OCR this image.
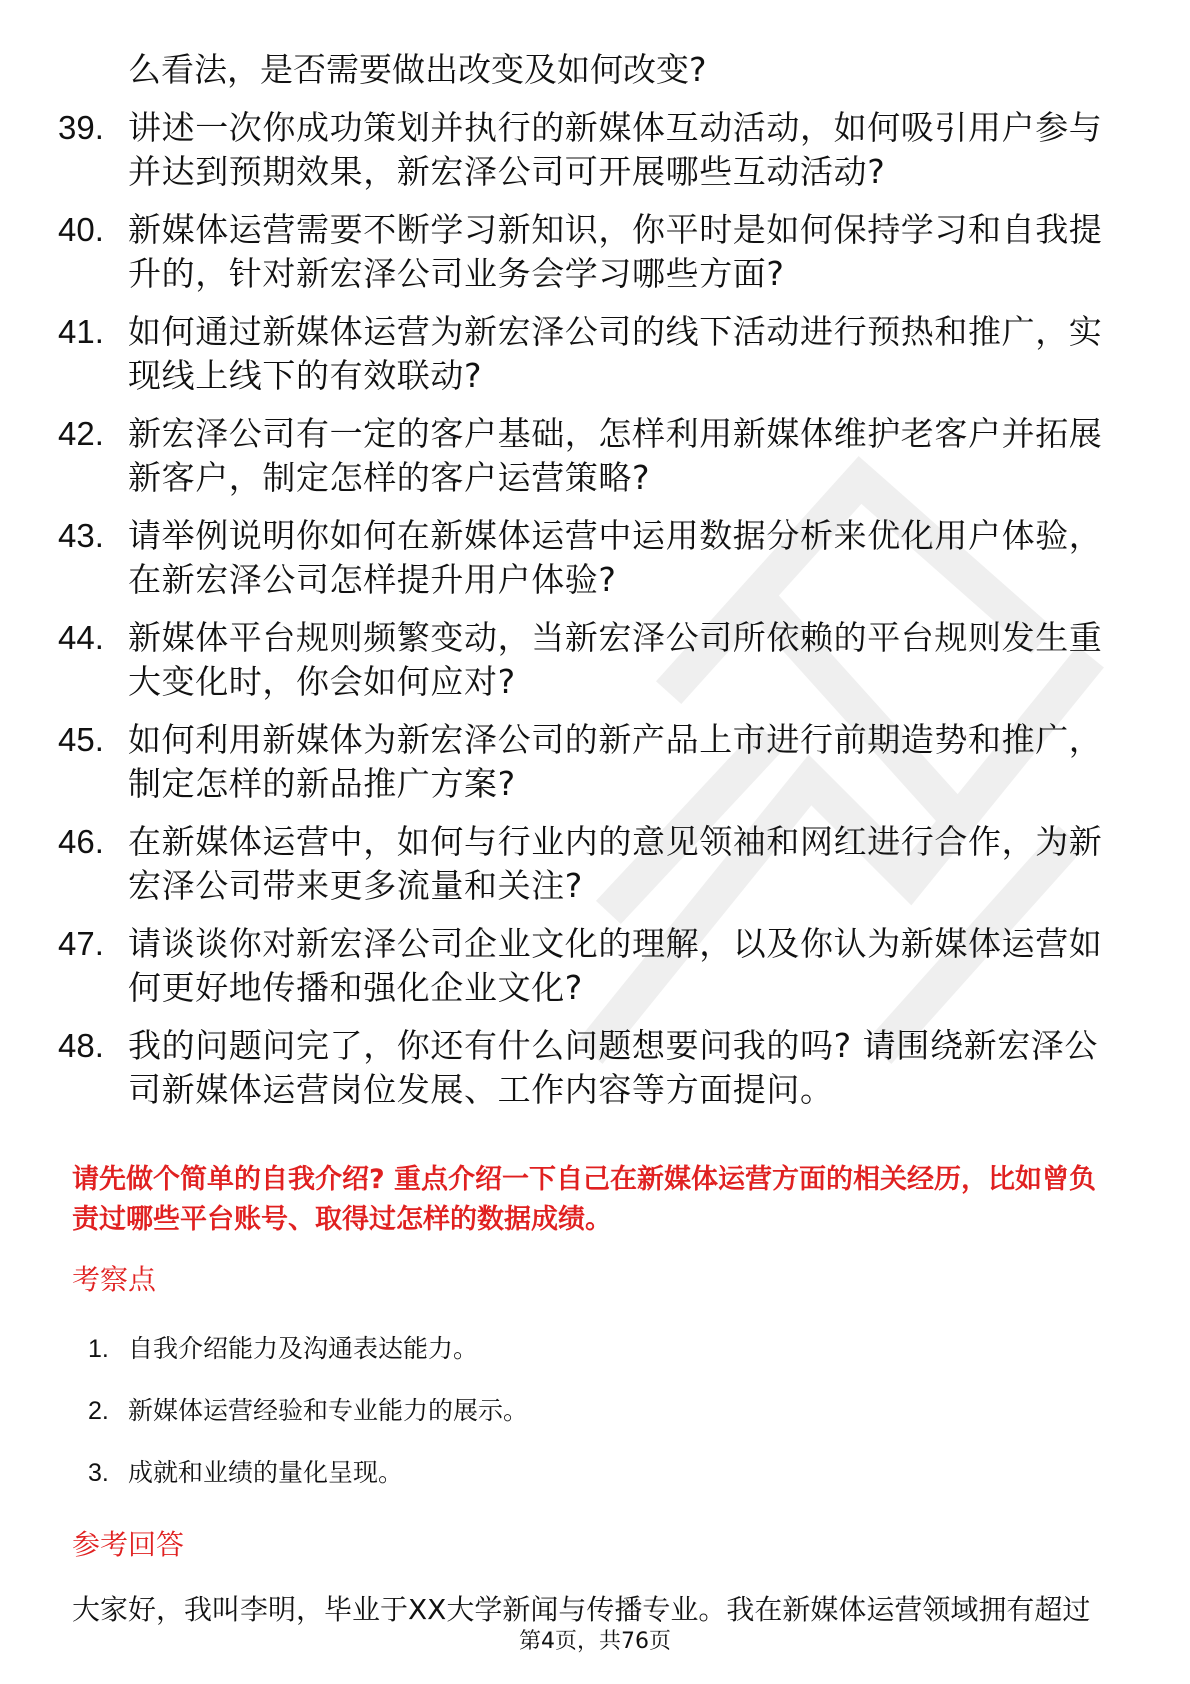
么看法，是否需要做出改变及如何改变?
39. 讲述一次你成功策划并执行的新媒体互动活动，如何吸引用户参与并达到预期效果，新宏泽公司可开展哪些互动活动?
40. 新媒体运营需要不断学习新知识，你平时是如何保持学习和自我提升的，针对新宏泽公司业务会学习哪些方面?
41. 如何通过新媒体运营为新宏泽公司的线下活动进行预热和推广，实现线上线下的有效联动?
42. 新宏泽公司有一定的客户基础，怎样利用新媒体维护老客户并拓展新客户，制定怎样的客户运营策略?
43. 请举例说明你如何在新媒体运营中运用数据分析来优化用户体验，在新宏泽公司怎样提升用户体验?
44. 新媒体平台规则频繁变动，当新宏泽公司所依赖的平台规则发生重大变化时，你会如何应对?
45. 如何利用新媒体为新宏泽公司的新产品上市进行前期造势和推广，制定怎样的新品推广方案?
46. 在新媒体运营中，如何与行业内的意见领袖和网红进行合作，为新宏泽公司带来更多流量和关注?
47. 请谈谈你对新宏泽公司企业文化的理解，以及你认为新媒体运营如何更好地传播和强化企业文化?
48. 我的问题问完了，你还有什么问题想要问我的吗? 请围绕新宏泽公司新媒体运营岗位发展、工作内容等方面提问。
请先做个简单的自我介绍? 重点介绍一下自己在新媒体运营方面的相关经历，比如曾负责过哪些平台账号、取得过怎样的数据成绩。
考察点
1. 自我介绍能力及沟通表达能力。
2. 新媒体运营经验和专业能力的展示。
3. 成就和业绩的量化呈现。
参考回答
大家好，我叫李明，毕业于XX大学新闻与传播专业。我在新媒体运营领域拥有超过
第4页，共76页
